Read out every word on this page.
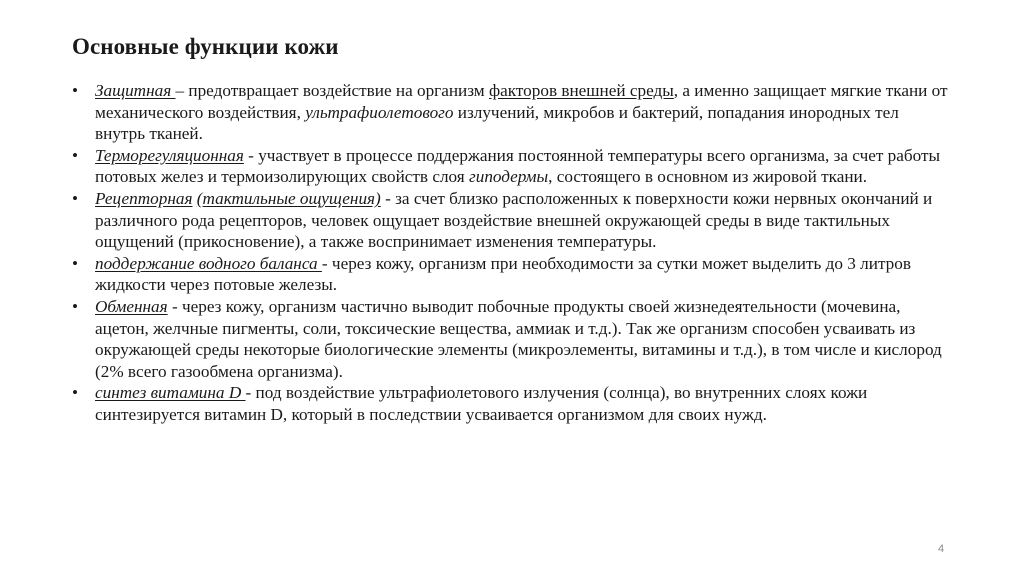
Основные функции кожи
• Защитная – предотвращает воздействие на организм факторов внешней среды, а именно защищает мягкие ткани от механического воздействия, ультрафиолетового излучений, микробов и бактерий, попадания инородных тел внутрь тканей.
• Терморегуляционная - участвует в процессе поддержания постоянной температуры всего организма, за счет работы потовых желез и термоизолирующих свойств слоя гиподермы, состоящего в основном из жировой ткани.
• Рецепторная (тактильные ощущения) - за счет близко расположенных к поверхности кожи нервных окончаний и различного рода рецепторов, человек ощущает воздействие внешней окружающей среды в виде тактильных ощущений (прикосновение), а также воспринимает изменения температуры.
• поддержание водного баланса - через кожу, организм при необходимости за сутки может выделить до 3 литров жидкости через потовые железы.
• Обменная - через кожу, организм частично выводит побочные продукты своей жизнедеятельности (мочевина, ацетон, желчные пигменты, соли, токсические вещества, аммиак и т.д.). Так же организм способен усваивать из окружающей среды некоторые биологические элементы (микроэлементы, витамины и т.д.), в том числе и кислород (2% всего газообмена организма).
• синтез витамина D - под воздействие ультрафиолетового излучения (солнца), во внутренних слоях кожи синтезируется витамин D, который в последствии усваивается организмом для своих нужд.
4
